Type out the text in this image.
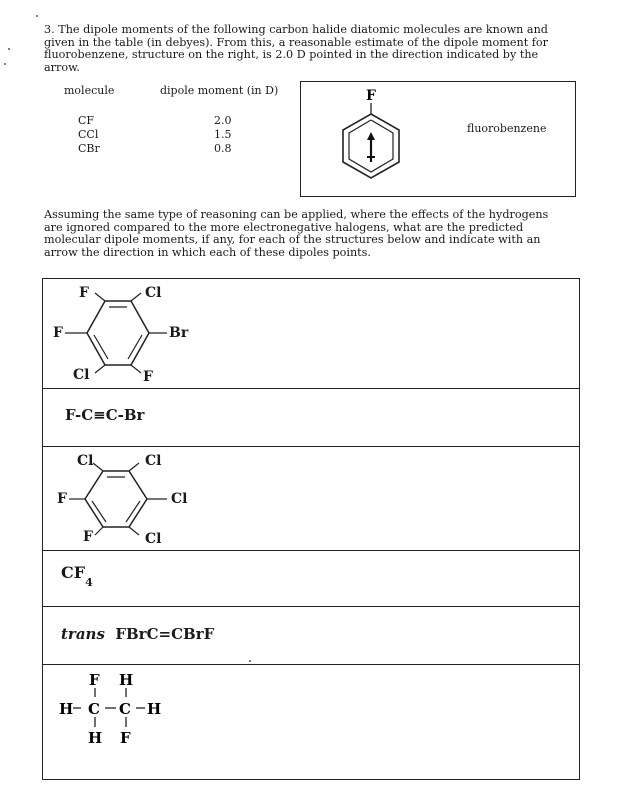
3. The dipole moments of the following carbon halide diatomic molecules are known and given in the table (in debyes). From this, a reasonable estimate of the dipole moment for fluorobenzene, structure on the right, is 2.0 D pointed in the direction indicated by the arrow.

molecule	dipole moment (in D)
CF	2.0
CCl	1.5
CBr	0.8
F
fluorobenzene

Assuming the same type of reasoning can be applied, where the effects of the hydrogens are ignored compared to the more electronegative halogens, what are the predicted molecular dipole moments, if any, for each of the structures below and indicate with an arrow the direction in which each of these dipoles points.

F	Cl
F	Br
Cl	F
F-C≡C-Br
Cl	Cl
F	Cl
F	Cl
$CF_4$
trans FBrC=CBrF
F H
H C C H
H F
